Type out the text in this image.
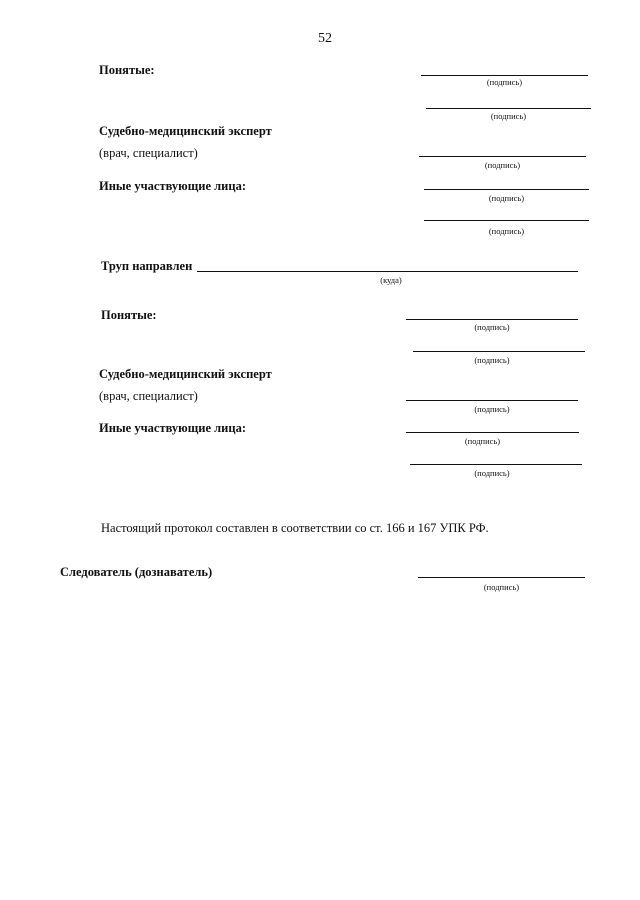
52
Понятые:
(подпись)
(подпись)
Судебно-медицинский эксперт
(врач, специалист)
(подпись)
Иные участвующие лица:
(подпись)
(подпись)
Труп направлен
(куда)
Понятые:
(подпись)
(подпись)
Судебно-медицинский эксперт
(врач, специалист)
(подпись)
Иные участвующие лица:
(подпись)
(подпись)
Настоящий протокол составлен в соответствии со ст. 166 и 167 УПК РФ.
Следователь (дознаватель)
(подпись)
